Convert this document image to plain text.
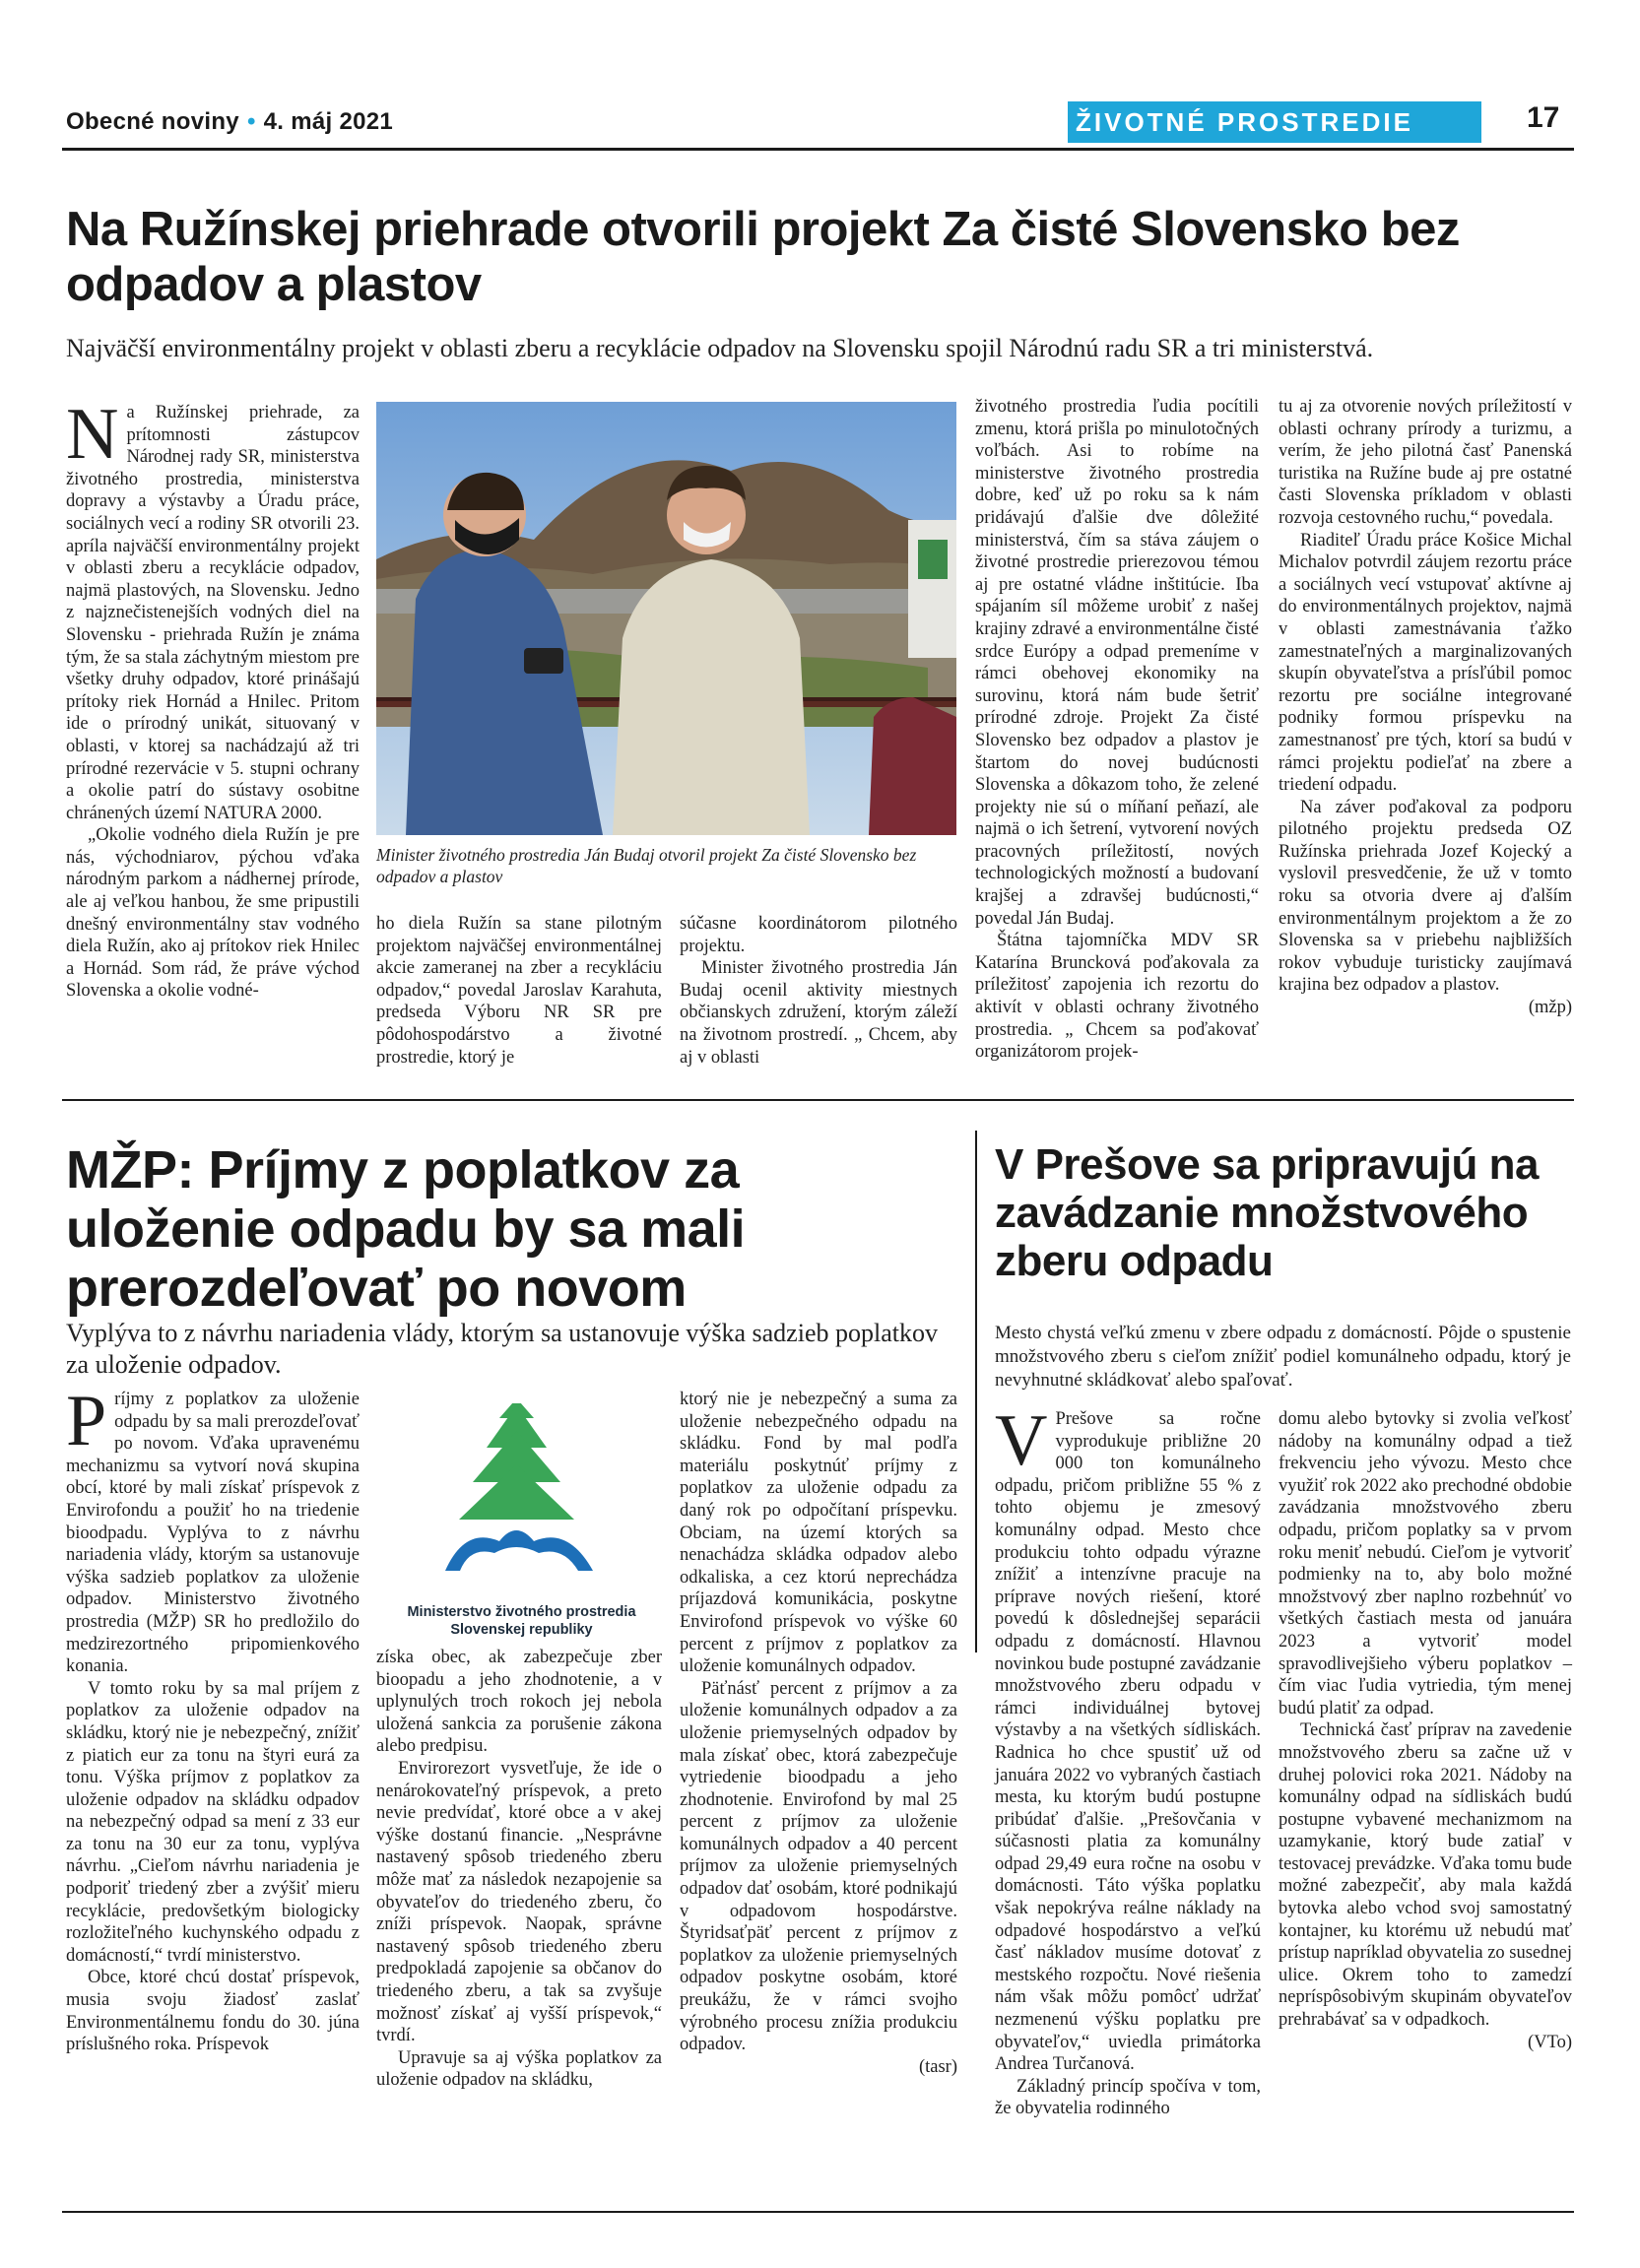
Obecné noviny • 4. máj 2021	ŽIVOTNÉ PROSTREDIE	17
Na Ružínskej priehrade otvorili projekt Za čisté Slovensko bez odpadov a plastov
Najväčší environmentálny projekt v oblasti zberu a recyklácie odpadov na Slovensku spojil Národnú radu SR a tri ministerstvá.

Na Ružínskej priehrade, za prítomnosti zástupcov Národnej rady SR, ministerstva životného prostredia, ministerstva dopravy a výstavby a Úradu práce, sociálnych vecí a rodiny SR otvorili 23. apríla najväčší environmentálny projekt v oblasti zberu a recyklácie odpadov, najmä plastových, na Slovensku. Jedno z najznečistenejších vodných diel na Slovensku - priehrada Ružín je známa tým, že sa stala záchytným miestom pre všetky druhy odpadov, ktoré prinášajú prítoky riek Hornád a Hnilec. Pritom ide o prírodný unikát, situovaný v oblasti, v ktorej sa nachádzajú až tri prírodné rezervácie v 5. stupni ochrany a okolie patrí do sústavy osobitne chránených území NATURA 2000.

„Okolie vodného diela Ružín je pre nás, východniarov, pýchou vďaka národným parkom a nádhernej prírode, ale aj veľkou hanbou, že sme pripustili dnešný environmentálny stav vodného diela Ružín, ako aj prítokov riek Hnilec a Hornád. Som rád, že práve východ Slovenska a okolie vodné-

Minister životného prostredia Ján Budaj otvoril projekt Za čisté Slovensko bez odpadov a plastov

ho diela Ružín sa stane pilotným projektom najväčšej environmentálnej akcie zameranej na zber a recykláciu odpadov,“ povedal Jaroslav Karahuta, predseda Výboru NR SR pre pôdohospodárstvo a životné prostredie, ktorý je

súčasne koordinátorom pilotného projektu.

Minister životného prostredia Ján Budaj ocenil aktivity miestnych občianskych združení, ktorým záleží na životnom prostredí. „ Chcem, aby aj v oblasti

životného prostredia ľudia pocítili zmenu, ktorá prišla po minulotočných voľbách. Asi to robíme na ministerstve životného prostredia dobre, keď už po roku sa k nám pridávajú ďalšie dve dôležité ministerstvá, čím sa stáva záujem o životné prostredie prierezovou témou aj pre ostatné vládne inštitúcie. Iba spájaním síl môžeme urobiť z našej krajiny zdravé a environmentálne čisté srdce Európy a odpad premeníme v rámci obehovej ekonomiky na surovinu, ktorá nám bude šetriť prírodné zdroje. Projekt Za čisté Slovensko bez odpadov a plastov je štartom do novej budúcnosti Slovenska a dôkazom toho, že zelené projekty nie sú o míňaní peňazí, ale najmä o ich šetrení, vytvorení nových pracovných príležitostí, nových technologických možností a budovaní krajšej a zdravšej budúcnosti,“ povedal Ján Budaj.

Štátna tajomníčka MDV SR Katarína Bruncková poďakovala za príležitosť zapojenia ich rezortu do aktivít v oblasti ochrany životného prostredia. „ Chcem sa poďakovať organizátorom projek-

tu aj za otvorenie nových príležitostí v oblasti ochrany prírody a turizmu, a verím, že jeho pilotná časť Panenská turistika na Ružíne bude aj pre ostatné časti Slovenska príkladom v oblasti rozvoja cestovného ruchu,“ povedala.

Riaditeľ Úradu práce Košice Michal Michalov potvrdil záujem rezortu práce a sociálnych vecí vstupovať aktívne aj do environmentálnych projektov, najmä v oblasti zamestnávania ťažko zamestnateľných a marginalizovaných skupín obyvateľstva a prísľúbil pomoc rezortu pre sociálne integrované podniky formou príspevku na zamestnanosť pre tých, ktorí sa budú v rámci projektu podieľať na zbere a triedení odpadu.

Na záver poďakoval za podporu pilotného projektu predseda OZ Ružínska priehrada Jozef Kojecký a vyslovil presvedčenie, že už v tomto roku sa otvoria dvere aj ďalším environmentálnym projektom a že zo Slovenska sa v priebehu najbližších rokov vybuduje turisticky zaujímavá krajina bez odpadov a plastov.

(mžp)
MŽP: Príjmy z poplatkov za uloženie odpadu by sa mali prerozdeľovať po novom
Vyplýva to z návrhu nariadenia vlády, ktorým sa ustanovuje výška sadzieb poplatkov za uloženie odpadov.

Príjmy z poplatkov za uloženie odpadu by sa mali prerozdeľovať po novom. Vďaka upravenému mechanizmu sa vytvorí nová skupina obcí, ktoré by mali získať príspevok z Envirofondu a použiť ho na triedenie bioodpadu. Vyplýva to z návrhu nariadenia vlády, ktorým sa ustanovuje výška sadzieb poplatkov za uloženie odpadov. Ministerstvo životného prostredia (MŽP) SR ho predložilo do medzirezortného pripomienkového konania.

V tomto roku by sa mal príjem z poplatkov za uloženie odpadov na skládku, ktorý nie je nebezpečný, znížiť z piatich eur za tonu na štyri eurá za tonu. Výška príjmov z poplatkov za uloženie odpadov na skládku odpadov na nebezpečný odpad sa mení z 33 eur za tonu na 30 eur za tonu, vyplýva návrhu. „Cieľom návrhu nariadenia je podporiť triedený zber a zvýšiť mieru recyklácie, predovšetkým biologicky rozložiteľného kuchynského odpadu z domácností,“ tvrdí ministerstvo.

Obce, ktoré chcú dostať príspevok, musia svoju žiadosť zaslať Environmentálnemu fondu do 30. júna príslušného roka. Príspevok

Ministerstvo životného prostredia Slovenskej republiky

ktorý nie je nebezpečný a suma za uloženie nebezpečného odpadu na skládku. Fond by mal podľa materiálu poskytnúť príjmy z poplatkov za uloženie odpadu za daný rok po odpočítaní príspevku. Obciam, na území ktorých sa nenachádza skládka odpadov alebo odkaliska, a cez ktorú neprechádza príjazdová komunikácia, poskytne Envirofond príspevok vo výške 60 percent z príjmov z poplatkov za uloženie komunálnych odpadov.

Päťnásť percent z príjmov a za uloženie komunálnych odpadov a za uloženie priemyselných odpadov by mala získať obec, ktorá zabezpečuje vytriedenie bioodpadu a jeho zhodnotenie. Envirofond by mal 25 percent z príjmov za uloženie komunálnych odpadov a 40 percent príjmov za uloženie priemyselných odpadov dať osobám, ktoré podnikajú v odpadovom hospodárstve. Štyridsaťpäť percent z príjmov z poplatkov za uloženie priemyselných odpadov poskytne osobám, ktoré preukážu, že v rámci svojho výrobného procesu znížia produkciu odpadov.

(tasr)
V Prešove sa pripravujú na zavádzanie množstvového zberu odpadu
Mesto chystá veľkú zmenu v zbere odpadu z domácností. Pôjde o spustenie množstvového zberu s cieľom znížiť podiel komunálneho odpadu, ktorý je nevyhnutné skládkovať alebo spaľovať.

V Prešove sa ročne vyprodukuje približne 20 000 ton komunálneho odpadu, pričom približne 55 % z tohto objemu je zmesový komunálny odpad. Mesto chce produkciu tohto odpadu výrazne znížiť a intenzívne pracuje na príprave nových riešení, ktoré povedú k dôslednejšej separácii odpadu z domácností. Hlavnou novinkou bude postupné zavádzanie množstvového zberu odpadu v rámci individuálnej bytovej výstavby a na všetkých sídliskách. Radnica ho chce spustiť už od januára 2022 vo vybraných častiach mesta, ku ktorým budú postupne pribúdať ďalšie. „Prešovčania v súčasnosti platia za komunálny odpad 29,49 eura ročne na osobu v domácnosti. Táto výška poplatku však nepokrýva reálne náklady na odpadové hospodárstvo a veľkú časť nákladov musíme dotovať z mestského rozpočtu. Nové riešenia nám však môžu pomôcť udržať nezmenenú výšku poplatku pre obyvateľov,“ uviedla primátorka Andrea Turčanová.

Základný princíp spočíva v tom, že obyvatelia rodinného

domu alebo bytovky si zvolia veľkosť nádoby na komunálny odpad a tiež frekvenciu jeho vývozu. Mesto chce využiť rok 2022 ako prechodné obdobie zavádzania množstvového zberu odpadu, pričom poplatky sa v prvom roku meniť nebudú. Cieľom je vytvoriť podmienky na to, aby bolo možné množstvový zber naplno rozbehnúť vo všetkých častiach mesta od januára 2023 a vytvoriť model spravodlivejšieho výberu poplatkov – čím viac ľudia vytriedia, tým menej budú platiť za odpad.

Technická časť príprav na zavedenie množstvového zberu sa začne už v druhej polovici roka 2021. Nádoby na komunálny odpad na sídliskách budú postupne vybavené mechanizmom na uzamykanie, ktorý bude zatiaľ v testovacej prevádzke. Vďaka tomu bude možné zabezpečiť, aby mala každá bytovka alebo vchod svoj samostatný kontajner, ku ktorému už nebudú mať prístup napríklad obyvatelia zo susednej ulice. Okrem toho to zamedzí nepríspôsobivým skupinám obyvateľov prehrabávať sa v odpadkoch.

(VTo)

získa obec, ak zabezpečuje zber bioopadu a jeho zhodnotenie, a v uplynulých troch rokoch jej nebola uložená sankcia za porušenie zákona alebo predpisu.

Envirorezort vysvetľuje, že ide o nenárokovateľný príspevok, a preto nevie predvídať, ktoré obce a v akej výške dostanú financie. „Nesprávne nastavený spôsob triedeného zberu môže mať za následok nezapojenie sa obyvateľov do triedeného zberu, čo zníži príspevok. Naopak, správne nastavený spôsob triedeného zberu predpokladá zapojenie sa občanov do triedeného zberu, a tak sa zvyšuje možnosť získať aj vyšší príspevok,“ tvrdí.

Upravuje sa aj výška poplatkov za uloženie odpadov na skládku,
